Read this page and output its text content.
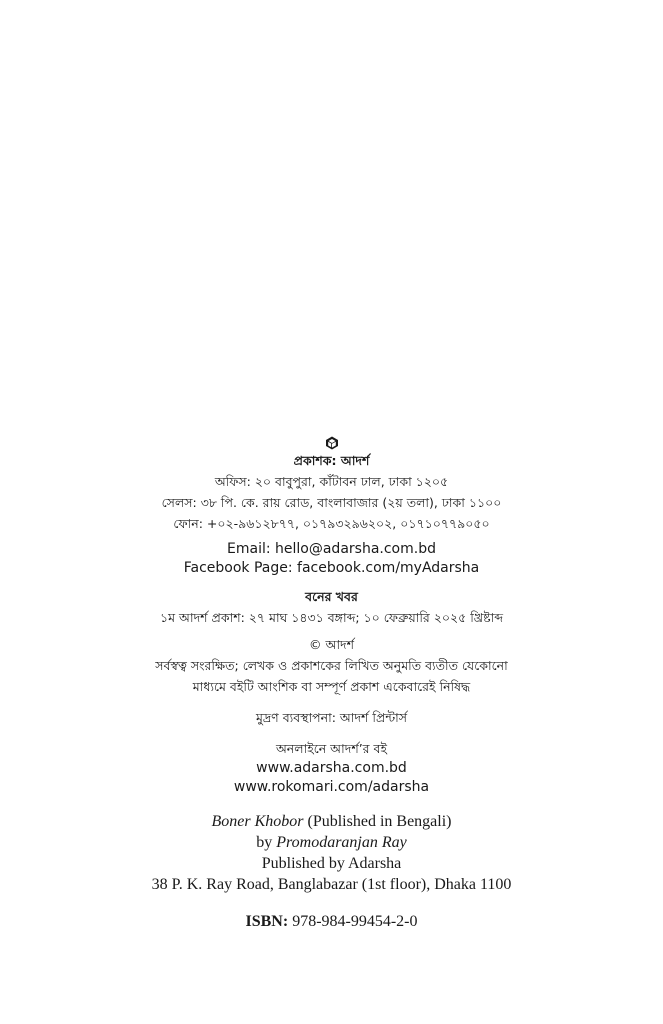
প্রকাশক: আদর্শ
অফিস: ২০ বাবুপুরা, কাঁটাবন ঢাল, ঢাকা ১২০৫
সেলস: ৩৮ পি. কে. রায় রোড, বাংলাবাজার (২য় তলা), ঢাকা ১১০০
ফোন: +০২-৯৬১২৮৭৭, ০১৭৯৩২৯৬২০২, ০১৭১০৭৭৯০৫০
Email: hello@adarsha.com.bd
Facebook Page: facebook.com/myAdarsha
বনের খবর
১ম আদর্শ প্রকাশ: ২৭ মাঘ ১৪৩১ বঙ্গাব্দ; ১০ ফেব্রুয়ারি ২০২৫ খ্রিষ্টাব্দ
© আদর্শ
সর্বস্বত্ব সংরক্ষিত; লেখক ও প্রকাশকের লিখিত অনুমতি ব্যতীত যেকোনো
মাধ্যমে বইটি আংশিক বা সম্পূর্ণ প্রকাশ একেবারেই নিষিদ্ধ
মুদ্রণ ব্যবস্থাপনা: আদর্শ প্রিন্টার্স
অনলাইনে আদর্শ’র বই
www.adarsha.com.bd
www.rokomari.com/adarsha
Boner Khobor (Published in Bengali)
by Promodaranjan Ray
Published by Adarsha
38 P. K. Ray Road, Banglabazar (1st floor), Dhaka 1100
ISBN: 978-984-99454-2-0
